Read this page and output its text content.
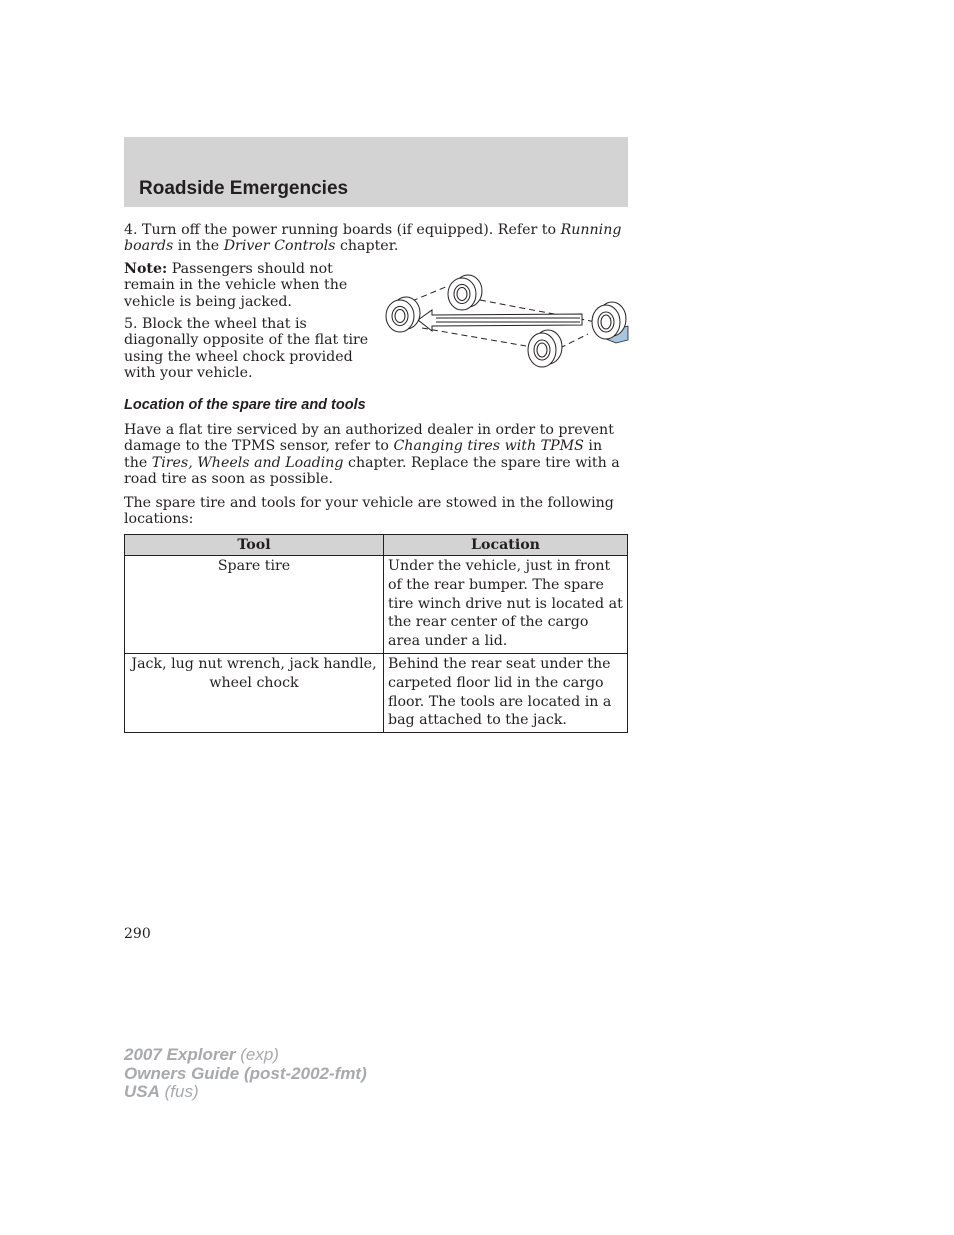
Roadside Emergencies

4. Turn off the power running boards (if equipped). Refer to Running boards in the Driver Controls chapter.

Note: Passengers should not remain in the vehicle when the vehicle is being jacked.

5. Block the wheel that is diagonally opposite of the flat tire using the wheel chock provided with your vehicle.

Location of the spare tire and tools

Have a flat tire serviced by an authorized dealer in order to prevent damage to the TPMS sensor, refer to Changing tires with TPMS in the Tires, Wheels and Loading chapter. Replace the spare tire with a road tire as soon as possible.

The spare tire and tools for your vehicle are stowed in the following locations:

Tool	Location
Spare tire	Under the vehicle, just in front of the rear bumper. The spare tire winch drive nut is located at the rear center of the cargo area under a lid.
Jack, lug nut wrench, jack handle, wheel chock	Behind the rear seat under the carpeted floor lid in the cargo floor. The tools are located in a bag attached to the jack.

290

2007 Explorer (exp)
Owners Guide (post-2002-fmt)
USA (fus)
